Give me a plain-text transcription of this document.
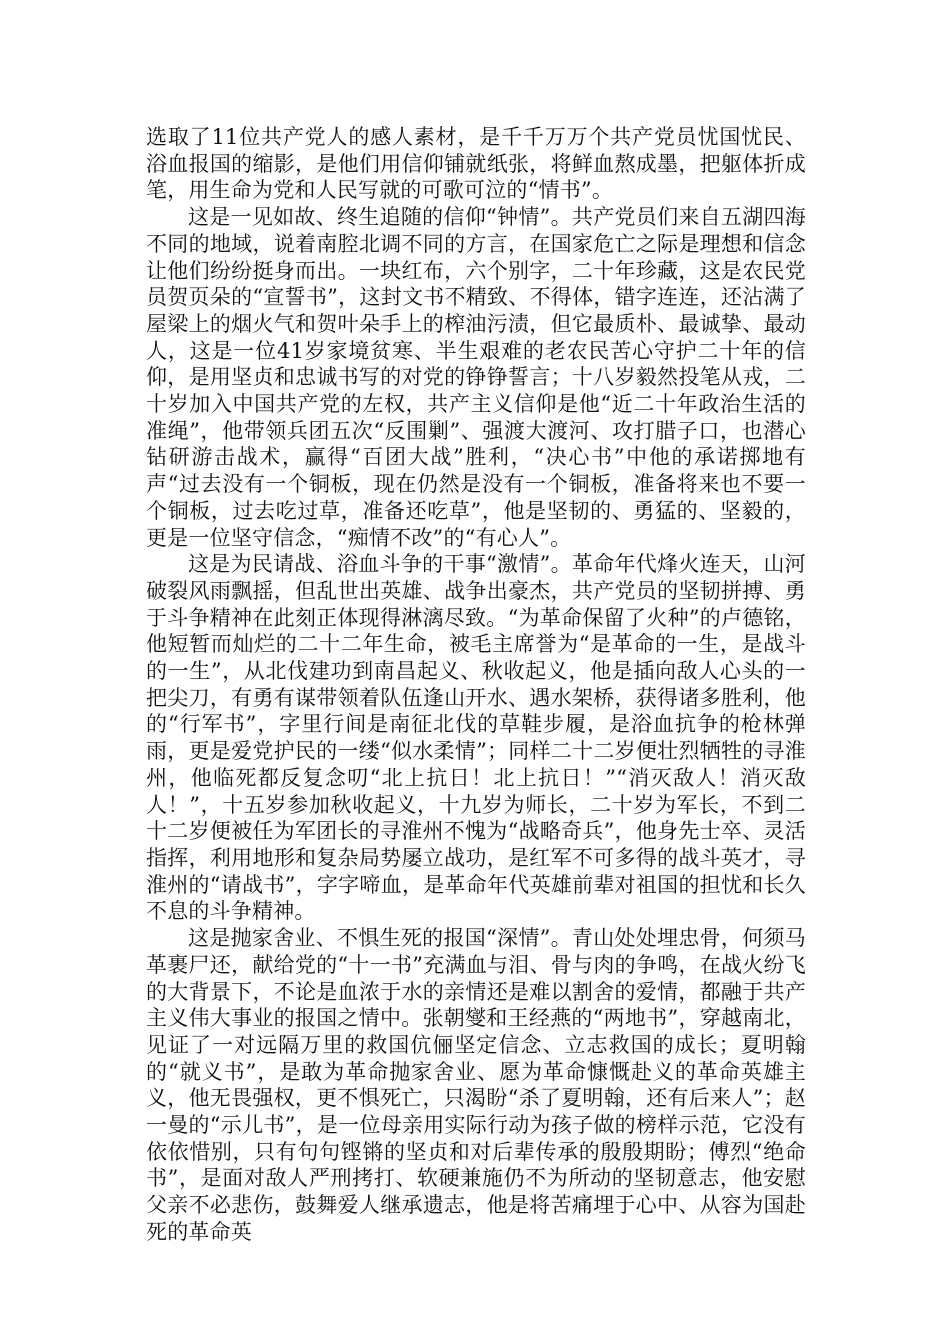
选取了11位共产党人的感人素材，是千千万万个共产党员忧国忧民、浴血报国的缩影，是他们用信仰铺就纸张，将鲜血熬成墨，把躯体折成笔，用生命为党和人民写就的可歌可泣的“情书”。

这是一见如故、终生追随的信仰“钟情”。共产党员们来自五湖四海不同的地域，说着南腔北调不同的方言，在国家危亡之际是理想和信念让他们纷纷挺身而出。一块红布，六个别字，二十年珍藏，这是农民党员贺页朵的“宣誓书”，这封文书不精致、不得体，错字连连，还沾满了屋梁上的烟火气和贺叶朵手上的榨油污渍，但它最质朴、最诚挚、最动人，这是一位41岁家境贫寒、半生艰难的老农民苦心守护二十年的信仰，是用坚贞和忠诚书写的对党的铮铮誓言；十八岁毅然投笔从戎，二十岁加入中国共产党的左权，共产主义信仰是他“近二十年政治生活的准绳”，他带领兵团五次“反围剿”、强渡大渡河、攻打腊子口，也潜心钻研游击战术，赢得“百团大战”胜利，“决心书”中他的承诺掷地有声“过去没有一个铜板，现在仍然是没有一个铜板，准备将来也不要一个铜板，过去吃过草，准备还吃草”，他是坚韧的、勇猛的、坚毅的，更是一位坚守信念，“痴情不改”的“有心人”。

这是为民请战、浴血斗争的干事“激情”。革命年代烽火连天，山河破裂风雨飘摇，但乱世出英雄、战争出豪杰，共产党员的坚韧拼搏、勇于斗争精神在此刻正体现得淋漓尽致。“为革命保留了火种”的卢德铭，他短暂而灿烂的二十二年生命，被毛主席誉为“是革命的一生，是战斗的一生”，从北伐建功到南昌起义、秋收起义，他是插向敌人心头的一把尖刀，有勇有谋带领着队伍逢山开水、遇水架桥，获得诸多胜利，他的“行军书”，字里行间是南征北伐的草鞋步履，是浴血抗争的枪林弹雨，更是爱党护民的一缕“似水柔情”；同样二十二岁便壮烈牺牲的寻淮州，他临死都反复念叨“北上抗日！北上抗日！”“消灭敌人！消灭敌人！”，十五岁参加秋收起义，十九岁为师长，二十岁为军长，不到二十二岁便被任为军团长的寻淮州不愧为“战略奇兵”，他身先士卒、灵活指挥，利用地形和复杂局势屡立战功，是红军不可多得的战斗英才，寻淮州的“请战书”，字字啼血，是革命年代英雄前辈对祖国的担忧和长久不息的斗争精神。

这是抛家舍业、不惧生死的报国“深情”。青山处处埋忠骨，何须马革裹尸还，献给党的“十一书”充满血与泪、骨与肉的争鸣，在战火纷飞的大背景下，不论是血浓于水的亲情还是难以割舍的爱情，都融于共产主义伟大事业的报国之情中。张朝燮和王经燕的“两地书”，穿越南北，见证了一对远隔万里的救国伉俪坚定信念、立志救国的成长；夏明翰的“就义书”，是敢为革命抛家舍业、愿为革命慷慨赴义的革命英雄主义，他无畏强权，更不惧死亡，只渴盼“杀了夏明翰，还有后来人”；赵一曼的“示儿书”，是一位母亲用实际行动为孩子做的榜样示范，它没有依依惜别，只有句句铿锵的坚贞和对后辈传承的殷殷期盼；傅烈“绝命书”，是面对敌人严刑拷打、软硬兼施仍不为所动的坚韧意志，他安慰父亲不必悲伤，鼓舞爱人继承遗志，他是将苦痛埋于心中、从容为国赴死的革命英
